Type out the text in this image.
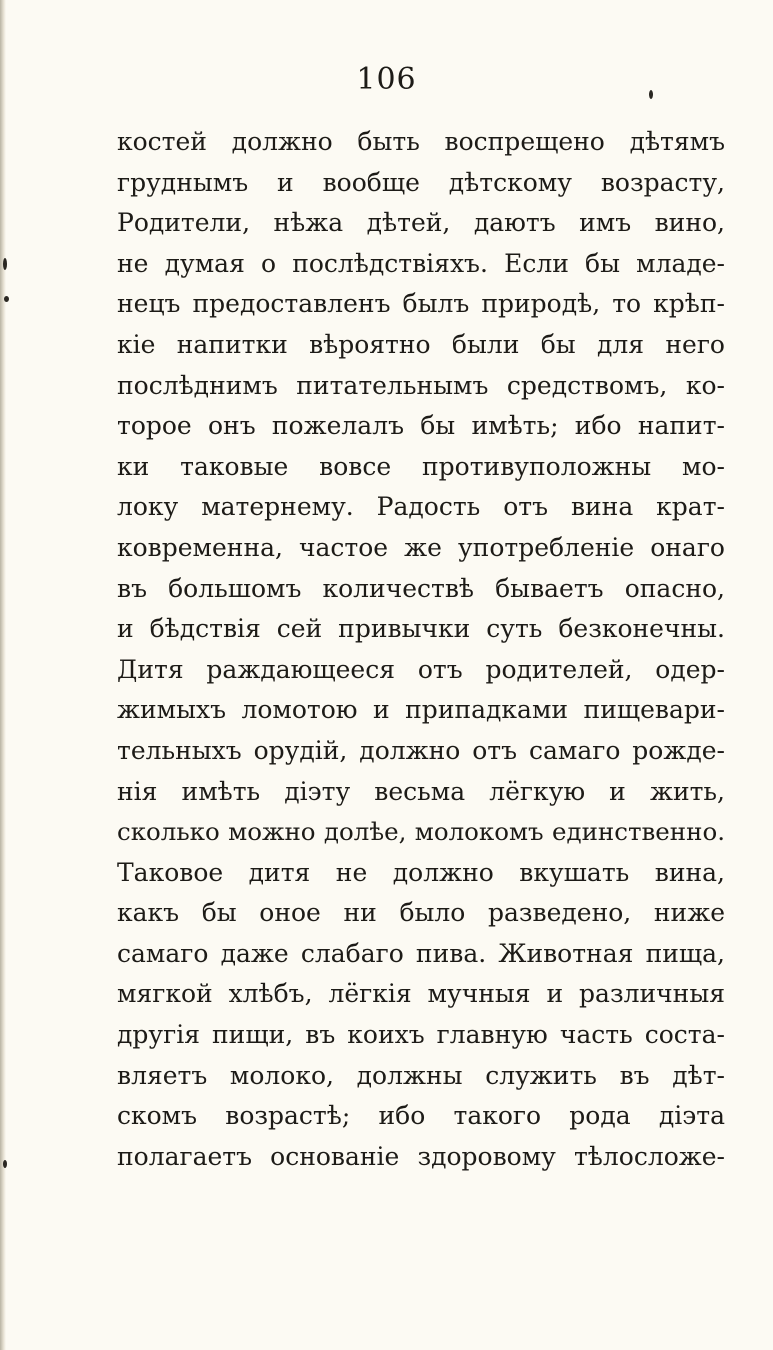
106
костей должно быть воспрещено дѣтямъ
груднымъ и вообще дѣтскому возрасту,
Родители, нѣжа дѣтей, даютъ имъ вино,
не думая о послѣдствіяхъ. Если бы младе-
нецъ предоставленъ былъ природѣ, то крѣп-
кіе напитки вѣроятно были бы для него
послѣднимъ питательнымъ средствомъ, ко-
торое онъ пожелалъ бы имѣть; ибо напит-
ки таковые вовсе противуположны мо-
локу матернему. Радость отъ вина крат-
ковременна, частое же употребленіе онаго
въ большомъ количествѣ бываетъ опасно,
и бѣдствія сей привычки суть безконечны.
Дитя раждающееся отъ родителей, одер-
жимыхъ ломотою и припадками пищевари-
тельныхъ орудій, должно отъ самаго рожде-
нія имѣть діэту весьма лёгкую и жить,
сколько можно долѣе, молокомъ единственно.
Таковое дитя не должно вкушать вина,
какъ бы оное ни было разведено, ниже
самаго даже слабаго пива. Животная пища,
мягкой хлѣбъ, лёгкія мучныя и различныя
другія пищи, въ коихъ главную часть соста-
вляетъ молоко, должны служить въ дѣт-
скомъ возрастѣ; ибо такого рода діэта
полагаетъ основаніе здоровому тѣлосложе-
